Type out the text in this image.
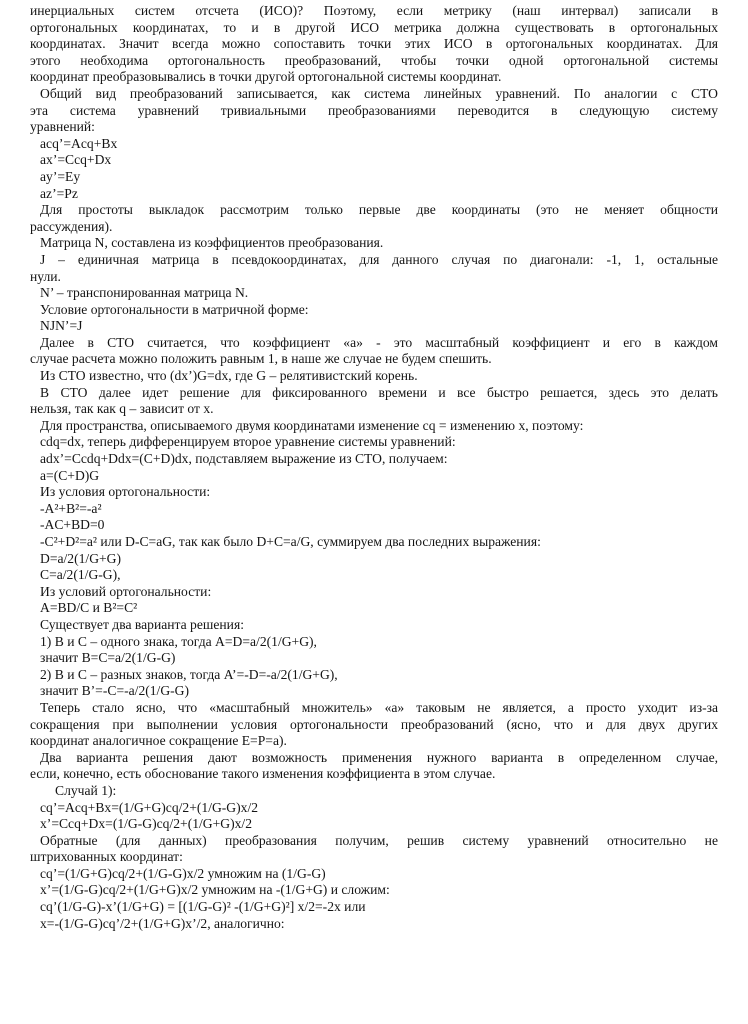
инерциальных систем отсчета (ИСО)? Поэтому, если метрику (наш интервал) записали в
ортогональных координатах, то и в другой ИСО метрика должна существовать в ортогональных
координатах. Значит всегда можно сопоставить точки этих ИСО в ортогональных координатах. Для
этого необходима ортогональность преобразований, чтобы точки одной ортогональной системы
координат преобразовывались в точки другой ортогональной системы координат.
Общий вид преобразований записывается, как система линейных уравнений. По аналогии с СТО
эта система уравнений тривиальными преобразованиями переводится в следующую систему
уравнений:
acq’=Acq+Bx
ax’=Ccq+Dx
ay’=Ey
az’=Pz
Для простоты выкладок рассмотрим только первые две координаты (это не меняет общности
рассуждения).
Матрица N, составлена из коэффициентов преобразования.
J – единичная матрица в псевдокоординатах, для данного случая по диагонали: -1, 1, остальные
нули.
N’ – транспонированная матрица N.
Условие ортогональности в матричной форме:
NJN’=J
Далее в СТО считается, что коэффициент «a» - это масштабный коэффициент и его в каждом
случае расчета можно положить равным 1, в наше же случае не будем спешить.
Из СТО известно, что (dx’)G=dx, где G – релятивистский корень.
В СТО далее идет решение для фиксированного времени и все быстро решается, здесь это делать
нельзя, так как q – зависит от x.
Для пространства, описываемого двумя координатами изменение cq = изменению x, поэтому:
cdq=dx, теперь дифференцируем второе уравнение системы уравнений:
adx’=Ccdq+Ddx=(C+D)dx, подставляем выражение из СТО, получаем:
a=(C+D)G
Из условия ортогональности:
-A²+B²=-a²
-AC+BD=0
-C²+D²=a² или D-C=aG, так как было D+C=a/G, суммируем два последних выражения:
D=a/2(1/G+G)
C=a/2(1/G-G),
Из условий ортогональности:
A=BD/C и B²=C²
Существует два варианта решения:
1) B и C – одного знака, тогда A=D=a/2(1/G+G),
значит B=C=a/2(1/G-G)
2) B и C – разных знаков, тогда A’=-D=-a/2(1/G+G),
значит B’=-C=-a/2(1/G-G)
Теперь стало ясно, что «масштабный множитель» «a» таковым не является, а просто уходит из-за
сокращения при выполнении условия ортогональности преобразований (ясно, что и для двух других
координат аналогичное сокращение E=P=a).
Два варианта решения дают возможность применения нужного варианта в определенном случае,
если, конечно, есть обоснование такого изменения коэффициента в этом случае.
Случай 1):
cq’=Acq+Bx=(1/G+G)cq/2+(1/G-G)x/2
x’=Ccq+Dx=(1/G-G)cq/2+(1/G+G)x/2
Обратные (для данных) преобразования получим, решив систему уравнений относительно не
штрихованных координат:
cq’=(1/G+G)cq/2+(1/G-G)x/2 умножим на (1/G-G)
x’=(1/G-G)cq/2+(1/G+G)x/2 умножим на -(1/G+G) и сложим:
cq’(1/G-G)-x’(1/G+G) = [(1/G-G)² -(1/G+G)²] x/2=-2x или
x=-(1/G-G)cq’/2+(1/G+G)x’/2, аналогично:
